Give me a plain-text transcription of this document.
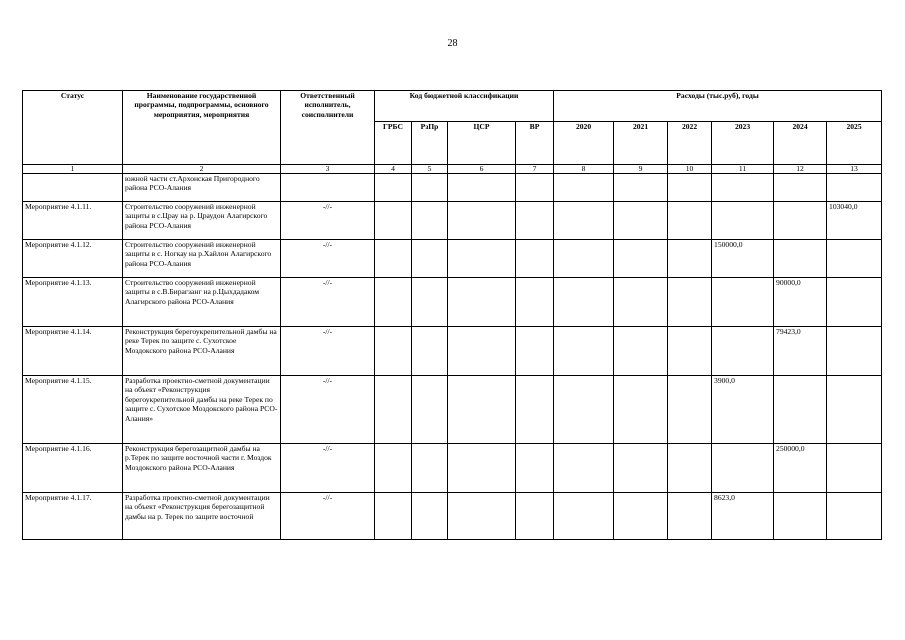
28
Статус	Наименование государственной программы, подпрограммы, основного мероприятия, мероприятия	Ответственный исполнитель, соисполнители	Код бюджетной классификации				Расходы (тыс.руб), годы					
			ГРБС	РзПр	ЦСР	ВР	2020	2021	2022	2023	2024	2025
1	2	3	4	5	6	7	8	9	10	11	12	13
	южной части ст.Архонская Пригородного района РСО-Алания											
Мероприятие 4.1.11.	Строительство сооружений инженерной защиты в с.Црау на р. Цраудон Алагирского района РСО-Алания	-//-										103040,0
Мероприятие 4.1.12.	Строительство сооружений инженерной защиты в с. Ногкау на р.Хайлон Алагирского района РСО-Алания	-//-								150000,0		
Мероприятие 4.1.13.	Строительство сооружений инженерной защиты в с.В.Бирагзанг на р.Цыхдадаком Алагирского района РСО-Алания	-//-									90000,0	
Мероприятие 4.1.14.	Реконструкция берегоукрепительной дамбы на реке Терек по защите с. Сухотское Моздокского района РСО-Алания	-//-									79423,0	
Мероприятие 4.1.15.	Разработка проектно-сметной документации на объект «Реконструкция берегоукрепительной дамбы на реке Терек по защите с. Сухотское Моздокского района РСО-Алания»	-//-								3900,0		
Мероприятие 4.1.16.	Реконструкция берегозащитной дамбы на р.Терек по защите восточной части г. Моздок Моздокского района РСО-Алания	-//-									250000,0	
Мероприятие 4.1.17.	Разработка проектно-сметной документации на объект «Реконструкция берегозащитной дамбы на р. Терек по защите восточной	-//-								8623,0		
